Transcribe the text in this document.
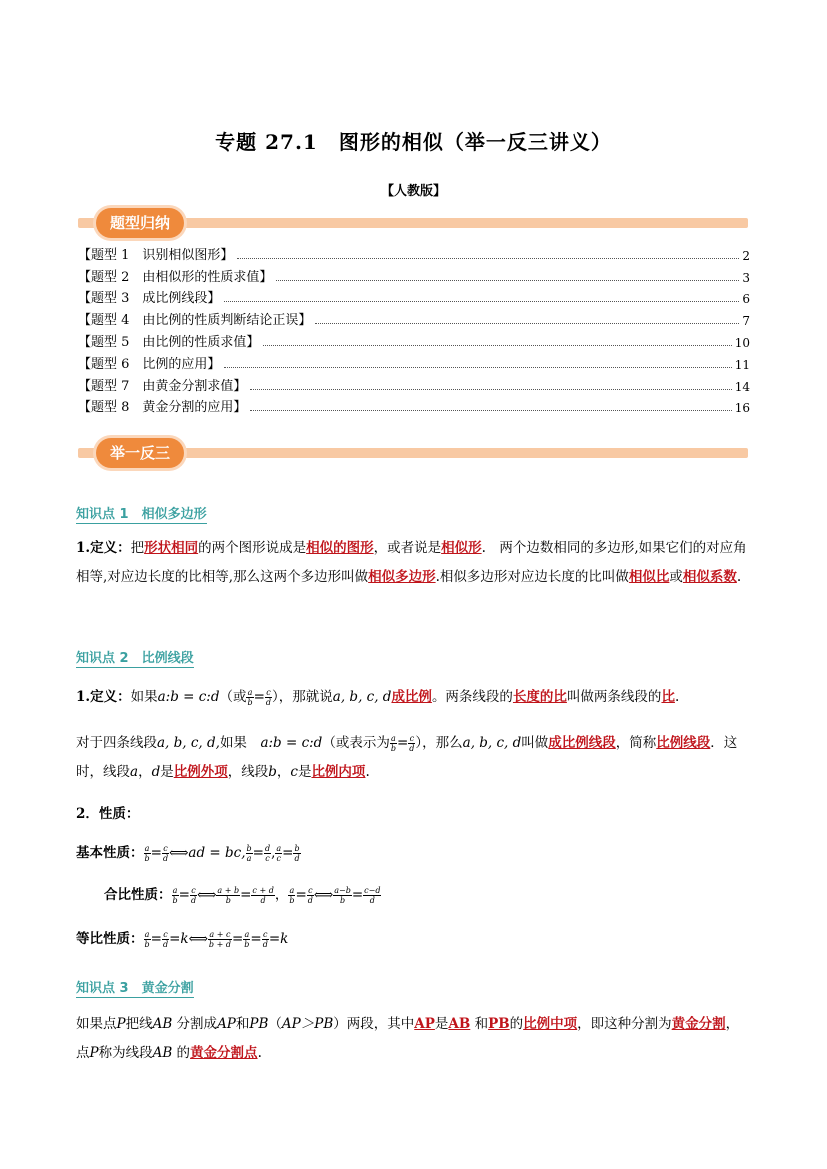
专题 27.1　图形的相似（举一反三讲义）
【人教版】
题型归纳
【题型 1　识别相似图形】	2
【题型 2　由相似形的性质求值】	3
【题型 3　成比例线段】	6
【题型 4　由比例的性质判断结论正误】	7
【题型 5　由比例的性质求值】	10
【题型 6　比例的应用】	11
【题型 7　由黄金分割求值】	14
【题型 8　黄金分割的应用】	16
举一反三
知识点 1　相似多边形
1.定义：把形状相同的两个图形说成是相似的图形，或者说是相似形.　两个边数相同的多边形,如果它们的对应角相等,对应边长度的比相等,那么这两个多边形叫做相似多边形.相似多边形对应边长度的比叫做相似比或相似系数.
知识点 2　比例线段
1.定义：如果a:b = c:d（或 $\frac{a}{b} = \frac{c}{d}$ ），那就说a, b, c, d成比例。两条线段的长度的比叫做两条线段的比.
对于四条线段a, b, c, d,如果　a:b = c:d（或表示为 $\frac{a}{b} = \frac{c}{d}$ ），那么a, b, c, d叫做成比例线段，简称比例线段．这时，线段a，d是比例外项，线段b，c是比例内项.
2．性质：
基本性质： $\frac{a}{b} = \frac{c}{d}$ ⟺ad = bc, $\frac{b}{a} = \frac{d}{c}$ , $\frac{a}{c} = \frac{b}{d}$
合比性质： $\frac{a}{b} = \frac{c}{d}$ ⟺ $\frac{a + b}{b} = \frac{c + d}{d}$ ， $\frac{a}{b} = \frac{c}{d}$ ⟺ $\frac{a-b}{b} = \frac{c-d}{d}$
等比性质： $\frac{a}{b} = \frac{c}{d}$ =k⟺ $\frac{a + c}{b + d} = \frac{a}{b} = \frac{c}{d} =k$
知识点 3　黄金分割
如果点P把线AB 分割成AP和PB（AP＞PB）两段，其中AP是AB 和PB的比例中项，即这种分割为黄金分割，点P称为线段AB 的黄金分割点.
